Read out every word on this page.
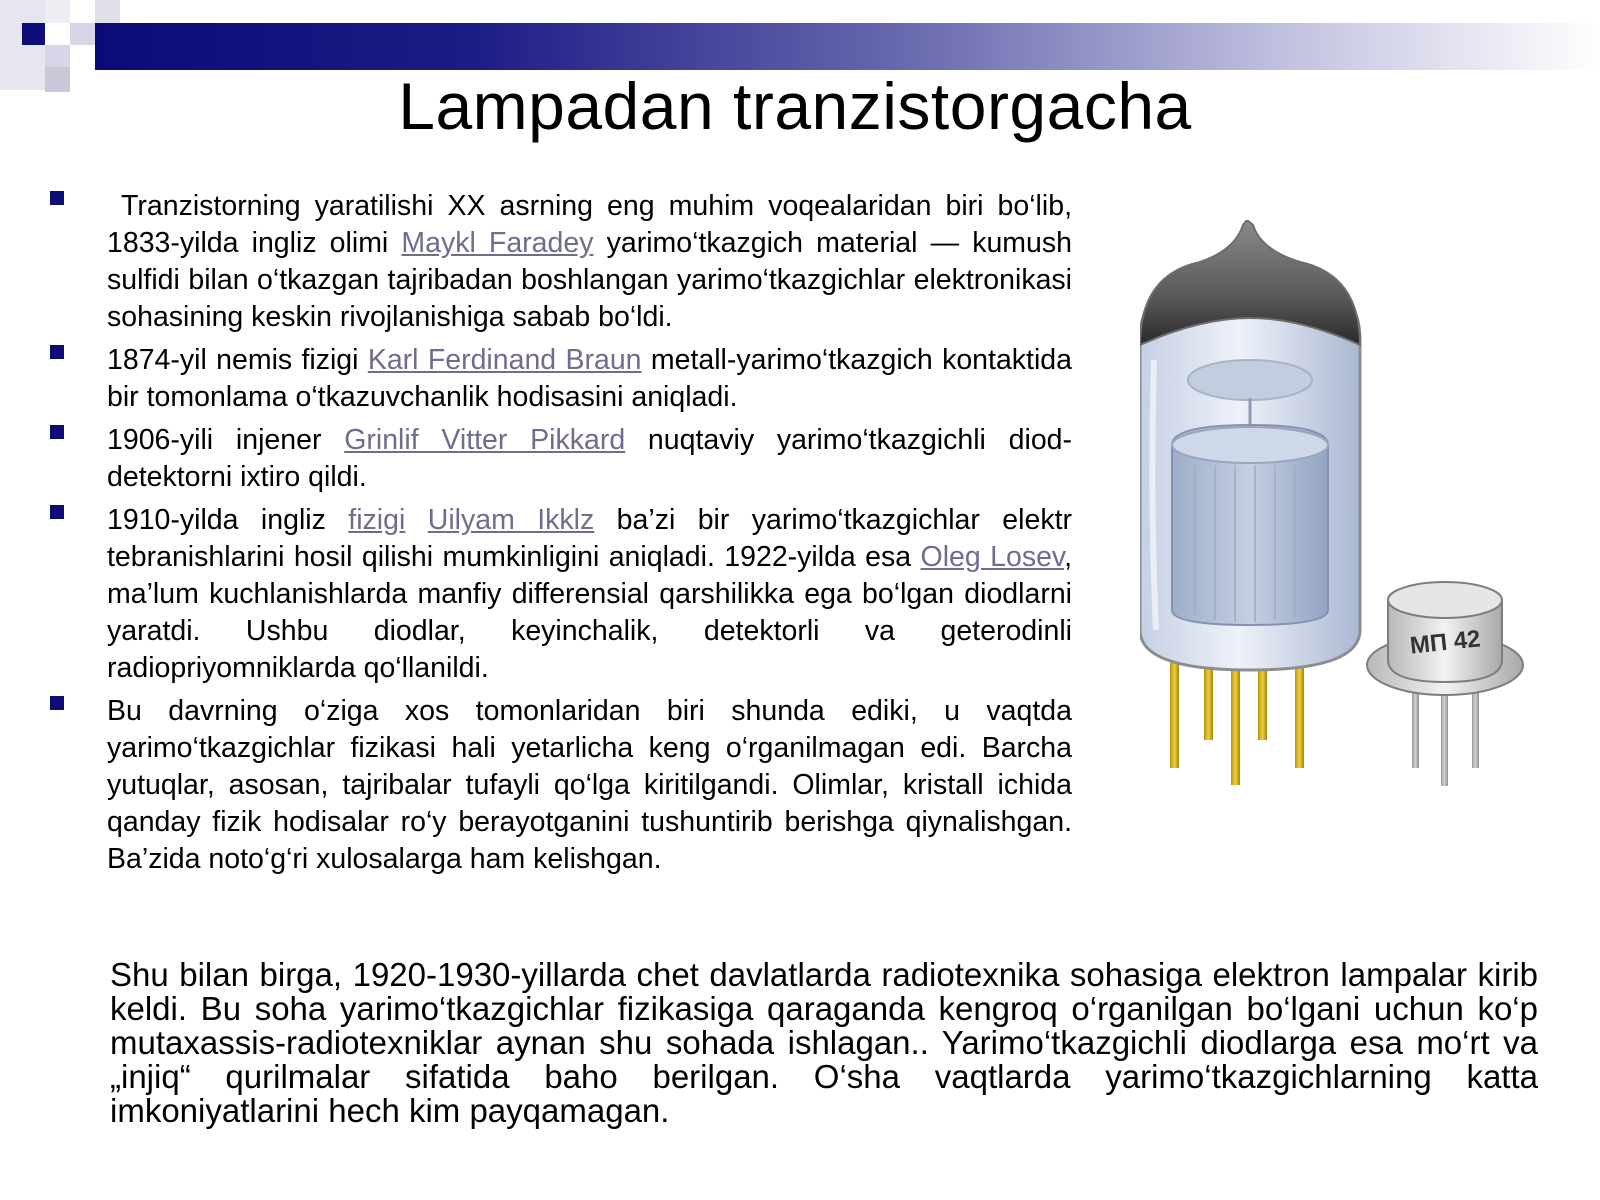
Lampadan tranzistorgacha
Tranzistorning yaratilishi XX asrning eng muhim voqealaridan biri bo‘lib, 1833-yilda ingliz olimi Maykl Faradey yarimo‘tkazgich material — kumush sulfidi bilan o‘tkazgan tajribadan boshlangan yarimo‘tkazgichlar elektronikasi sohasining keskin rivojlanishiga sabab bo‘ldi.
1874-yil nemis fizigi Karl Ferdinand Braun metall-yarimo‘tkazgich kontaktida bir tomonlama o‘tkazuvchanlik hodisasini aniqladi.
1906-yili injener Grinlif Vitter Pikkard nuqtaviy yarimo‘tkazgichli diod-detektorni ixtiro qildi.
1910-yilda ingliz fizigi Uilyam Ikklz ba’zi bir yarimo‘tkazgichlar elektr tebranishlarini hosil qilishi mumkinligini aniqladi. 1922-yilda esa Oleg Losev, ma’lum kuchlanishlarda manfiy differensial qarshilikka ega bo‘lgan diodlarni yaratdi. Ushbu diodlar, keyinchalik, detektorli va geterodinli radiopriyomniklarda qo‘llanildi.
Bu davrning o‘ziga xos tomonlaridan biri shunda ediki, u vaqtda yarimo‘tkazgichlar fizikasi hali yetarlicha keng o‘rganilmagan edi. Barcha yutuqlar, asosan, tajribalar tufayli qo‘lga kiritilgandi. Olimlar, kristall ichida qanday fizik hodisalar ro‘y berayotganini tushuntirib berishga qiynalishgan. Ba’zida noto‘g‘ri xulosalarga ham kelishgan.
МП 42

Shu bilan birga, 1920-1930-yillarda chet davlatlarda radiotexnika sohasiga elektron lampalar kirib keldi. Bu soha yarimo‘tkazgichlar fizikasiga qaraganda kengroq o‘rganilgan bo‘lgani uchun ko‘p mutaxassis-radiotexniklar aynan shu sohada ishlagan.. Yarimo‘tkazgichli diodlarga esa mo‘rt va „injiq“ qurilmalar sifatida baho berilgan. O‘sha vaqtlarda yarimo‘tkazgichlarning katta imkoniyatlarini hech kim payqamagan.
